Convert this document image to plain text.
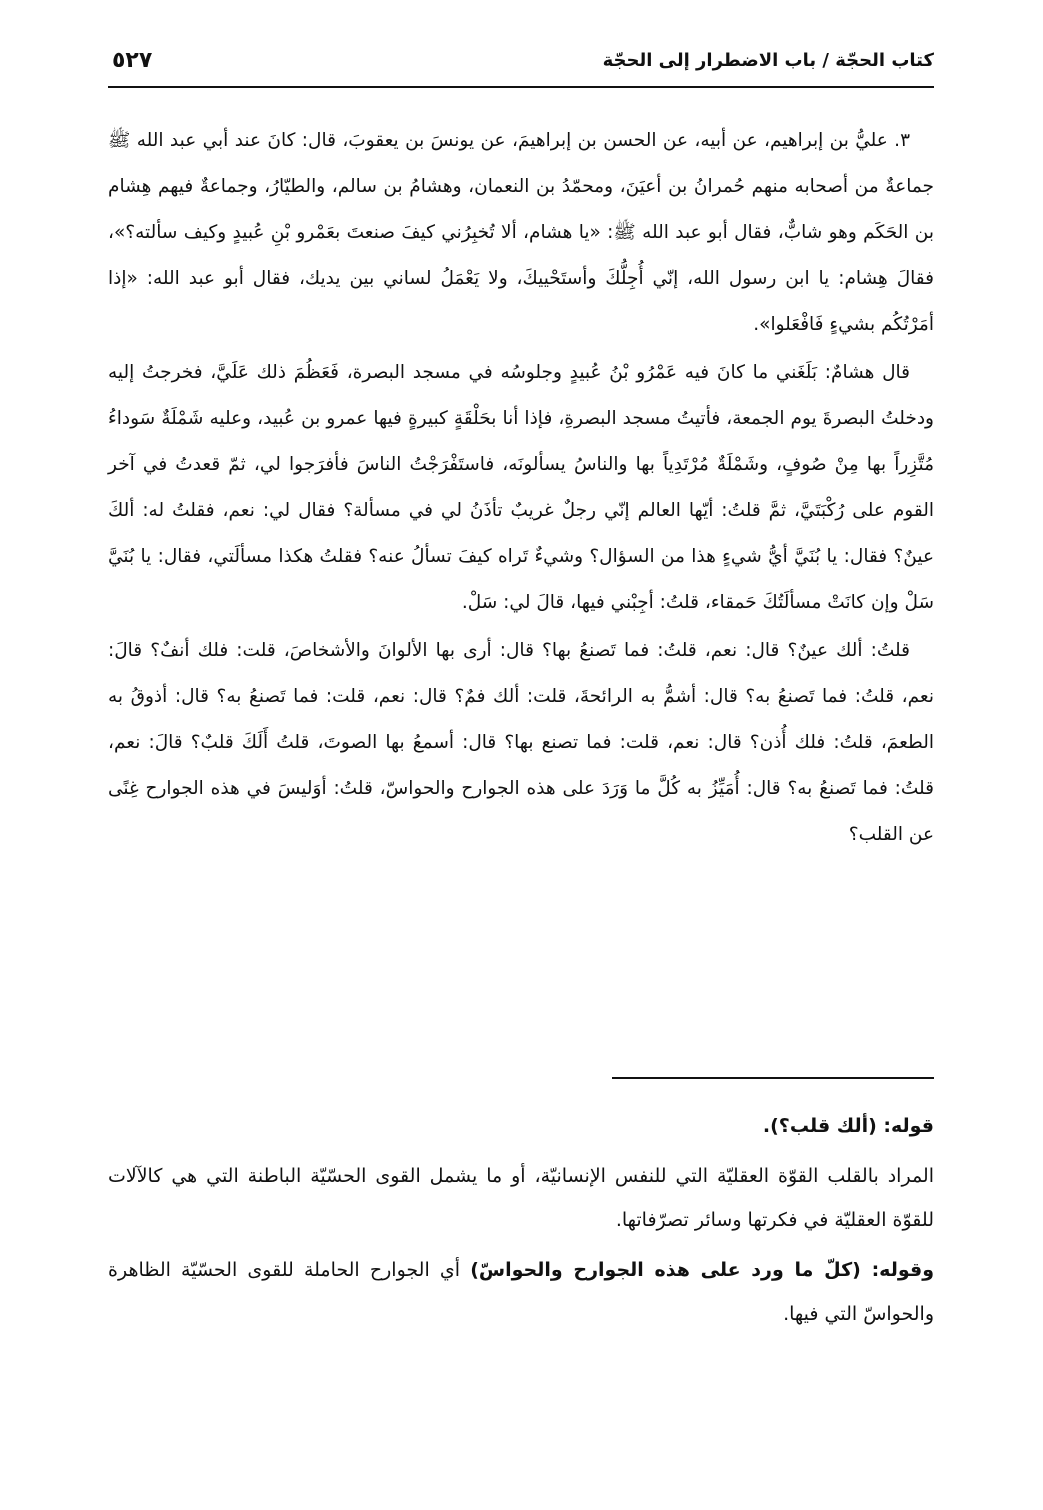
كتاب الحجّة / باب الاضطرار إلى الحجّة
٥٢٧

٣. عليُّ بن إبراهيم، عن أبيه، عن الحسن بن إبراهيمَ، عن يونسَ بن يعقوبَ، قال: كانَ عند أبي عبد الله ﷺ جماعةٌ من أصحابه منهم حُمرانُ بن أعيَنَ، ومحمّدُ بن النعمان، وهشامُ بن سالم، والطيّارُ، وجماعةٌ فيهم هِشام بن الحَكَم وهو شابٌّ، فقال أبو عبد الله ﷺ: «يا هشام، ألا تُخبِرُني كيفَ صنعتَ بعَمْرو بْنِ عُبيدٍ وكيف سألته؟»، فقالَ هِشام: يا ابن رسول الله، إنّي أُجِلُّكَ وأستَحْييكَ، ولا يَعْمَلُ لساني بين يديك، فقال أبو عبد الله: «إذا أمَرْتُكُم بشيءٍ فَافْعَلوا».

قال هشامٌ: بَلَغَني ما كانَ فيه عَمْرُو بْنُ عُبيدٍ وجلوسُه في مسجد البصرة، فَعَظُمَ ذلك عَلَيَّ، فخرجتُ إليه ودخلتُ البصرةَ يوم الجمعة، فأتيتُ مسجد البصرةِ، فإذا أنا بحَلْقَةٍ كبيرةٍ فيها عمرو بن عُبيد، وعليه شَمْلَةٌ سَوداءُ مُتَّزِراً بها مِنْ صُوفٍ، وشَمْلَةٌ مُرْتَدِياً بها والناسُ يسألونَه، فاستَفْرَجْتُ الناسَ فأفرَجوا لي، ثمّ قعدتُ في آخر القوم على رُكْبَتَيَّ، ثمَّ قلتُ: أيّها العالم إنّي رجلٌ غريبٌ تأذَنُ لي في مسألة؟ فقال لي: نعم، فقلتُ له: ألكَ عينٌ؟ فقال: يا بُنَيَّ أيُّ شيءٍ هذا من السؤال؟ وشيءٌ تَراه كيفَ تسألُ عنه؟ فقلتُ هكذا مسألَتي، فقال: يا بُنَيَّ سَلْ وإن كانَتْ مسألَتُكَ حَمقاء، قلتُ: أجِبْني فيها، قالَ لي: سَلْ.

قلتُ: ألك عينٌ؟ قال: نعم، قلتُ: فما تَصنعُ بها؟ قال: أرى بها الألوانَ والأشخاصَ، قلت: فلك أنفٌ؟ قالَ: نعم، قلتُ: فما تَصنعُ به؟ قال: أشمُّ به الرائحةَ، قلت: ألك فمٌ؟ قال: نعم، قلت: فما تَصنعُ به؟ قال: أذوقُ به الطعمَ، قلتُ: فلك أُذن؟ قال: نعم، قلت: فما تصنع بها؟ قال: أسمعُ بها الصوتَ، قلتُ أَلَكَ قلبٌ؟ قالَ: نعم، قلتُ: فما تَصنعُ به؟ قال: أُمَيِّزُ به كُلَّ ما وَرَدَ على هذه الجوارح والحواسّ، قلتُ: أوَليسَ في هذه الجوارح غِنًى عن القلب؟

قوله: (ألك قلب؟).

المراد بالقلب القوّة العقليّة التي للنفس الإنسانيّة، أو ما يشمل القوى الحسّيّة الباطنة التي هي كالآلات للقوّة العقليّة في فكرتها وسائر تصرّفاتها.

وقوله: (كلّ ما ورد على هذه الجوارح والحواسّ) أي الجوارح الحاملة للقوى الحسّيّة الظاهرة والحواسّ التي فيها.
